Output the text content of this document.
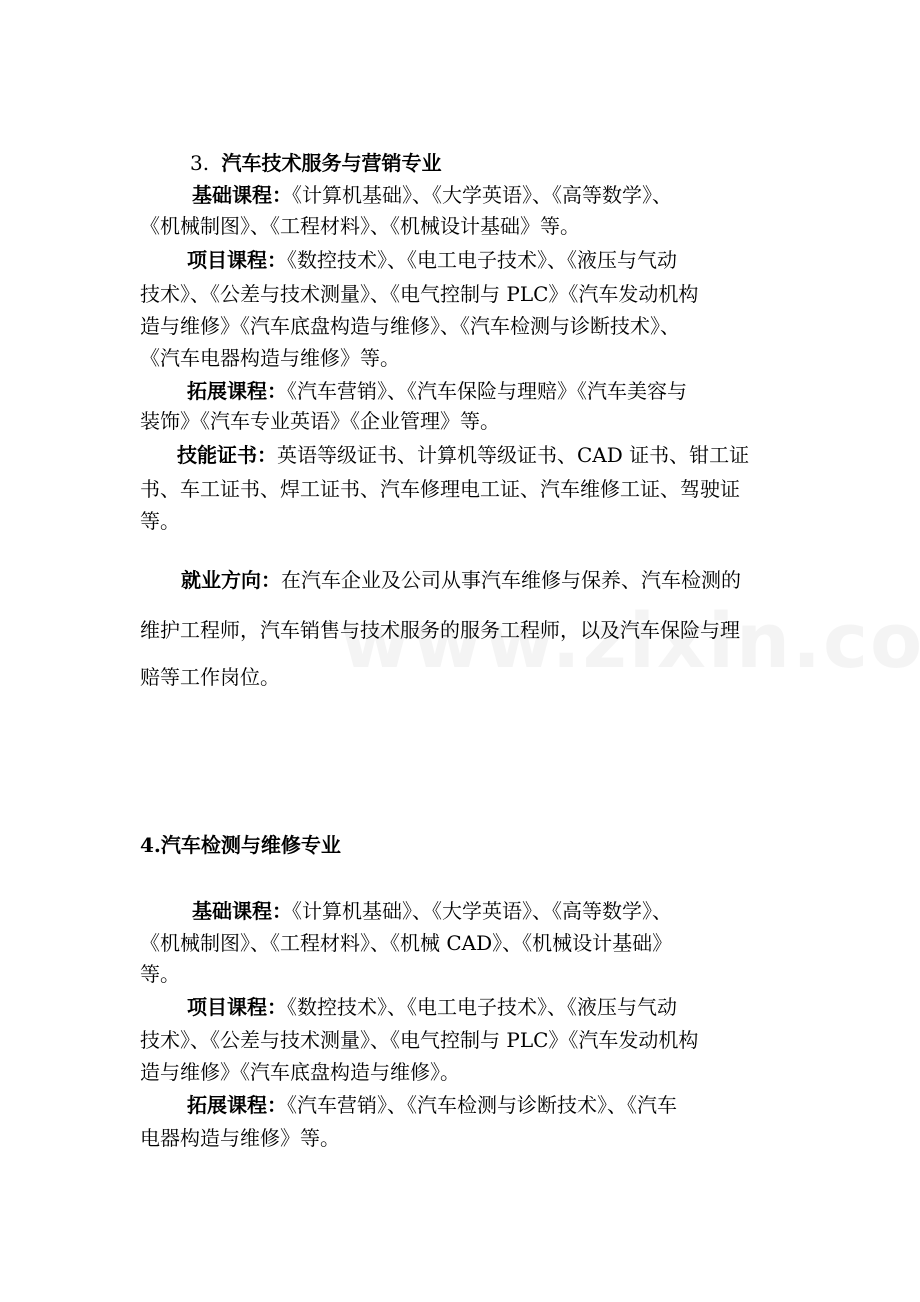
3. 汽车技术服务与营销专业
基础课程：《计算机基础》、《大学英语》、《高等数学》、
《机械制图》、《工程材料》、《机械设计基础》等。
项目课程：《数控技术》、《电工电子技术》、《液压与气动
技术》、《公差与技术测量》、《电气控制与 PLC》《汽车发动机构
造与维修》《汽车底盘构造与维修》、《汽车检测与诊断技术》、
《汽车电器构造与维修》等。
拓展课程：《汽车营销》、《汽车保险与理赔》《汽车美容与
装饰》《汽车专业英语》《企业管理》等。
技能证书：英语等级证书、计算机等级证书、CAD 证书、钳工证
书、车工证书、焊工证书、汽车修理电工证、汽车维修工证、驾驶证
等。
就业方向：在汽车企业及公司从事汽车维修与保养、汽车检测的
维护工程师，汽车销售与技术服务的服务工程师，以及汽车保险与理
赔等工作岗位。
4.汽车检测与维修专业
基础课程：《计算机基础》、《大学英语》、《高等数学》、
《机械制图》、《工程材料》、《机械 CAD》、《机械设计基础》
等。
项目课程：《数控技术》、《电工电子技术》、《液压与气动
技术》、《公差与技术测量》、《电气控制与 PLC》《汽车发动机构
造与维修》《汽车底盘构造与维修》。
拓展课程：《汽车营销》、《汽车检测与诊断技术》、《汽车
电器构造与维修》等。
